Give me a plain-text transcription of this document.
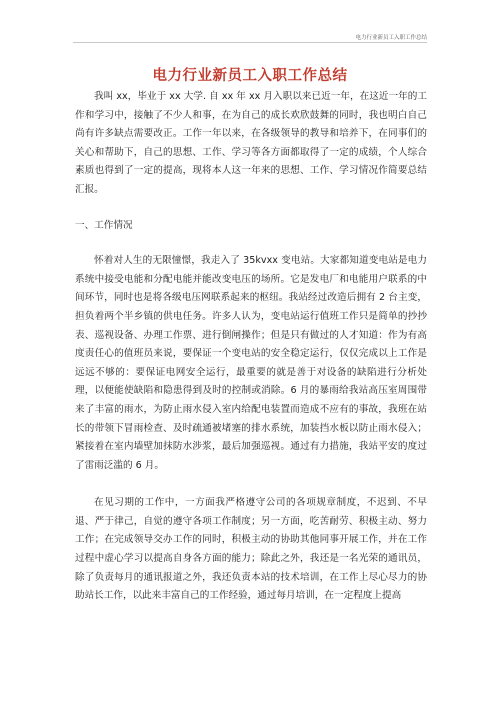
电力行业新员工入职工作总结
电力行业新员工入职工作总结

我叫 xx，毕业于 xx 大学. 自 xx 年 xx 月入职以来已近一年，在这近一年的工作和学习中，接触了不少人和事，在为自己的成长欢欣鼓舞的同时，我也明白自己尚有许多缺点需要改正。工作一年以来，在各级领导的教导和培养下，在同事们的关心和帮助下，自己的思想、工作、学习等各方面都取得了一定的成绩，个人综合素质也得到了一定的提高，现将本人这一年来的思想、工作、学习情况作简要总结汇报。

一、工作情况

怀着对人生的无限憧憬，我走入了 35kvxx 变电站。大家都知道变电站是电力系统中接受电能和分配电能并能改变电压的场所。它是发电厂和电能用户联系的中间环节，同时也是将各级电压网联系起来的枢纽。我站经过改造后拥有 2 台主变，担负着两个半乡镇的供电任务。许多人认为，变电站运行值班工作只是简单的抄抄表、巡视设备、办理工作票、进行倒闸操作；但是只有做过的人才知道：作为有高度责任心的值班员来说，要保证一个变电站的安全稳定运行，仅仅完成以上工作是远远不够的：要保证电网安全运行，最重要的就是善于对设备的缺陷进行分析处理，以便能使缺陷和隐患得到及时的控制或消除。6 月的暴雨给我站高压室周围带来了丰富的雨水，为防止雨水侵入室内给配电装置而造成不应有的事故，我班在站长的带领下冒雨检查、及时疏通被堵塞的排水系统，加装挡水板以防止雨水侵入；紧接着在室内墙壁加抹防水涉浆，最后加强巡视。通过有力措施，我站平安的度过了雷雨泛滥的 6 月。

在见习期的工作中，一方面我严格遵守公司的各项规章制度，不迟到、不早退、严于律己，自觉的遵守各项工作制度；另一方面，吃苦耐劳、积极主动、努力工作；在完成领导交办工作的同时，积极主动的协助其他同事开展工作，并在工作过程中虚心学习以提高自身各方面的能力；除此之外，我还是一名光荣的通讯员，除了负责每月的通讯报道之外，我还负责本站的技术培训，在工作上尽心尽力的协助站长工作，以此来丰富自己的工作经验，通过每月培训，在一定程度上提高
